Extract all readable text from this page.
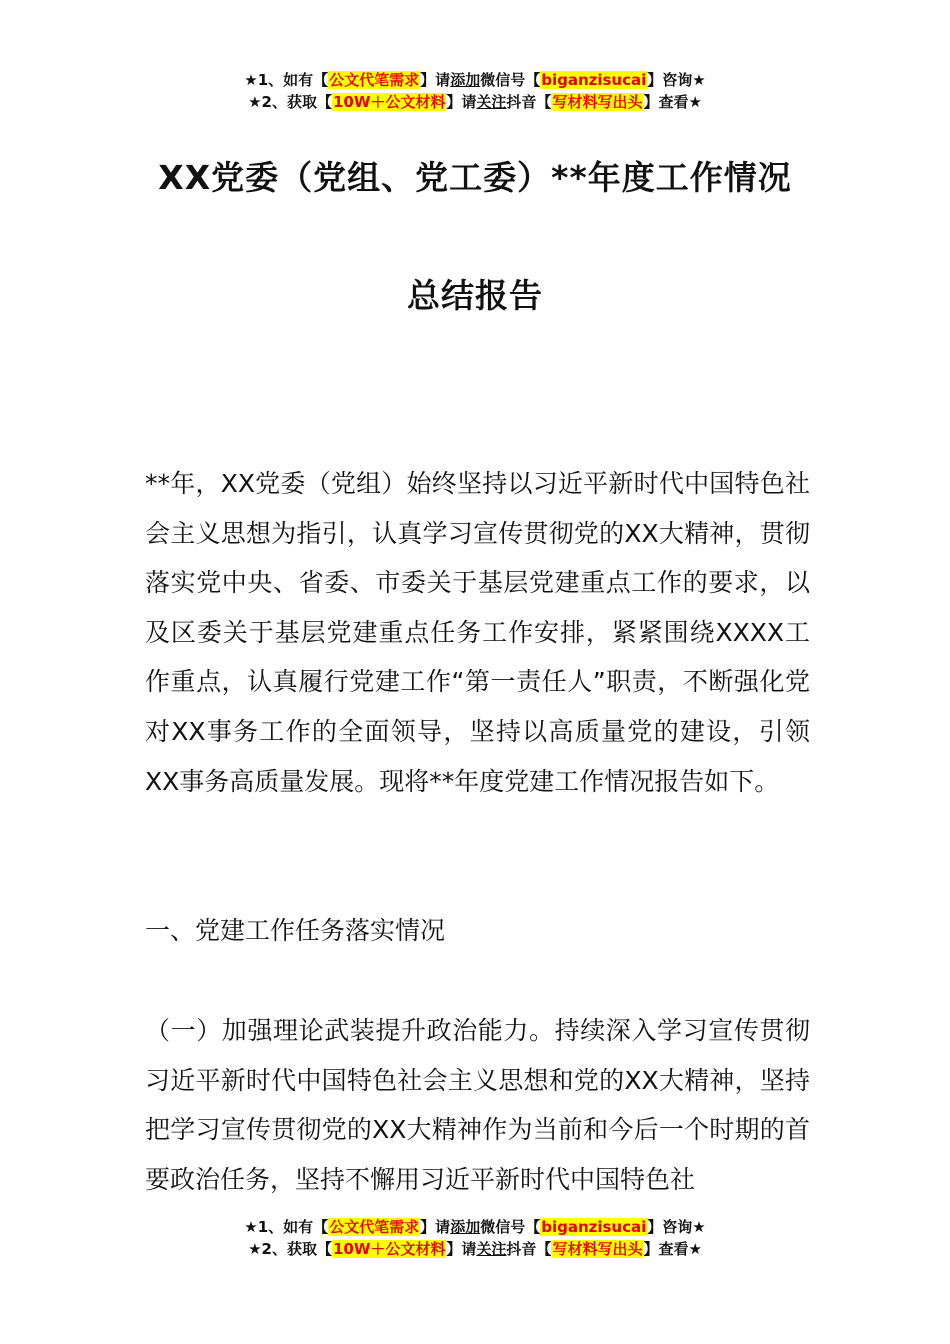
★1、如有【公文代笔需求】请添加微信号【biganzisucai】咨询★
★2、获取【10W＋公文材料】请关注抖音【写材料写出头】查看★
XX党委（党组、党工委）**年度工作情况
总结报告
**年，XX党委（党组）始终坚持以习近平新时代中国特色社会主义思想为指引，认真学习宣传贯彻党的XX大精神，贯彻落实党中央、省委、市委关于基层党建重点工作的要求，以及区委关于基层党建重点任务工作安排，紧紧围绕XXXX工作重点，认真履行党建工作“第一责任人”职责，不断强化党对XX事务工作的全面领导，坚持以高质量党的建设，引领XX事务高质量发展。现将**年度党建工作情况报告如下。
一、党建工作任务落实情况
（一）加强理论武装提升政治能力。持续深入学习宣传贯彻习近平新时代中国特色社会主义思想和党的XX大精神，坚持把学习宣传贯彻党的XX大精神作为当前和今后一个时期的首要政治任务，坚持不懈用习近平新时代中国特色社
★1、如有【公文代笔需求】请添加微信号【biganzisucai】咨询★
★2、获取【10W＋公文材料】请关注抖音【写材料写出头】查看★
